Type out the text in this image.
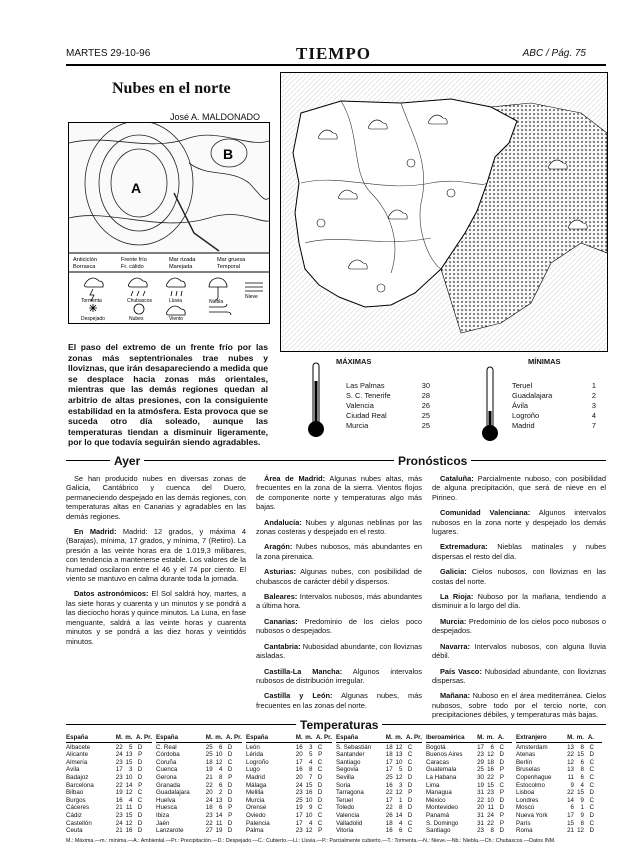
MARTES 29-10-96	TIEMPO	ABC / Pág. 75
Nubes en el norte
José A. MALDONADO
A
B
Anticiclón
Borrasca
Frente frío
Fr. cálido
Mar rizada
Marejada
Mar gruesa
Temporal
Tormenta	Chubascos	Lluvia	Niebla
Nieve
Despejado	Nubes	Viento
El paso del extremo de un frente frío por las zonas más septentrionales trae nubes y lloviznas, que irán desapareciendo a medida que se desplace hacia zonas más orientales, mientras que las demás regiones quedan al arbitrio de altas presiones, con la consiguiente estabilidad en la atmósfera. Esta provoca que se suceda otro día soleado, aunque las temperaturas tiendan a disminuir ligeramente, por lo que todavía seguirán siendo agradables.
MÁXIMAS	MÍNIMAS
Las Palmas	30
S. C. Tenerife	28
Valencia	26
Ciudad Real	25
Murcia	25
Teruel	1
Guadalajara	2
Ávila	3
Logroño	4
Madrid	7
Ayer

Se han producido nubes en diversas zonas de Galicia, Cantábrico y cuenca del Duero, permaneciendo despejado en las demás regiones, con temperaturas altas en Canarias y agradables en las demás regiones.

En Madrid: Madrid: 12 grados, y máxima 4 (Barajas), mínima, 17 grados, y mínima, 7 (Retiro). La presión a las veinte horas era de 1.019,3 milibares, con tendencia a mantenerse estable. Los valores de la humedad oscilaron entre el 46 y el 74 por ciento. El viento se mantuvo en calma durante toda la jornada.

Datos astronómicos: El Sol saldrá hoy, martes, a las siete horas y cuarenta y un minutos y se pondrá a las dieciocho horas y quince minutos. La Luna, en fase menguante, saldrá a las veinte horas y cuarenta minutos y se pondrá a las diez horas y veintidós minutos.

Pronósticos

Área de Madrid: Algunas nubes altas, más frecuentes en la zona de la sierra. Vientos flojos de componente norte y temperaturas algo más bajas.

Andalucía: Nubes y algunas neblinas por las zonas costeras y despejado en el resto.

Aragón: Nubes nubosos, más abundantes en la zona pirenaica.

Asturias: Algunas nubes, con posibilidad de chubascos de carácter débil y dispersos.

Baleares: Intervalos nubosos, más abundantes a última hora.

Canarias: Predominio de los cielos poco nubosos o despejados.

Cantabria: Nubosidad abundante, con lloviznas aisladas.

Castilla-La Mancha: Algunos intervalos nubosos de distribución irregular.

Castilla y León: Algunas nubes, más frecuentes en las zonas del norte.

Cataluña: Parcialmente nuboso, con posibilidad de alguna precipitación, que será de nieve en el Pirineo.

Comunidad Valenciana: Algunos intervalos nubosos en la zona norte y despejado los demás lugares.

Extremadura: Nieblas matinales y nubes dispersas el resto del día.

Galicia: Cielos nubosos, con lloviznas en las costas del norte.

La Rioja: Nuboso por la mañana, tendiendo a disminuir a lo largo del día.

Murcia: Predominio de los cielos poco nubosos o despejados.

Navarra: Intervalos nubosos, con alguna lluvia débil.

País Vasco: Nubosidad abundante, con lloviznas dispersas.

Mañana: Nuboso en el área mediterránea. Cielos nubosos, sobre todo por el tercio norte, con precipitaciones débiles, y temperaturas más bajas.

Temperaturas
España	M. m. A. Pr.
Albacete	22	5 D
Alicante	24 13 P
Almería	23 15 D
Ávila	17	3 D
Badajoz	23 10 D
Barcelona	22 14 P
Bilbao	19 12 C
Burgos	16	4 C
Cáceres	21 11 D
Cádiz	23 15 D
Castellón	24 12 D
Ceuta	21 16 D
España	M. m. A. Pr.
C. Real	25	6 D
Córdoba	25 10 D
Coruña	18 12 C
Cuenca	19	4 D
Gerona	21	8 P
Granada	22	6 D
Guadalajara	20	2 D
Huelva	24 13 D
Huesca	18	6 P
Ibiza	23 14 P
Jaén	22 11 D
Lanzarote	27 19 D
España	M. m. A. Pr.
León	16	3 C
Lérida	20	5 P
Logroño	17	4 C
Lugo	16	8 C
Madrid	20	7 D
Málaga	24 15 D
Melilla	23 16 D
Murcia	25 10 D
Orense	19	9 C
Oviedo	17 10 C
Palencia	17	4 C
Palma	23 12 P
España	M. m. A. Pr.
S. Sebastián	18 12 C
Santander	18 13 C
Santiago	17 10 C
Segovia	17	5 D
Sevilla	25 12 D
Soria	16	3 D
Tarragona	22 12 P
Teruel	17	1 D
Toledo	22	8 D
Valencia	26 14 D
Valladolid	18	4 C
Vitoria	16	6 C
Iberoamérica	M. m. A.
Bogotá	17	6 C
Buenos Aires	23 12 D
Caracas	29 18 D
Guatemala	25 16 P
La Habana	30 22 P
Lima	19 15 C
Managua	31 23 P
México	22 10 D
Montevideo	20 11 D
Panamá	31 24 P
S. Domingo	31 22 P
Santiago	23	8 D
Extranjero	M. m. A.
Amsterdam	13	8 C
Atenas	22 15 D
Berlín	12	6 C
Bruselas	13	8 C
Copenhague	11	6 C
Estocolmo	9	4 C
Lisboa	22 15 D
Londres	14	9 C
Moscú	6	1 C
Nueva York	17	9 D
París	15	8 C
Roma	21 12 D
M.: Máxima.—m.: mínima.—A.: Ambiental.—Pr.: Precipitación.—D.: Despejado.—C.: Cubierto.—Ll.: Lluvia.—P.: Parcialmente cubierto.—T.: Tormenta.—N.: Nieve.—Nb.: Niebla.—Ch.: Chubascos.—Datos INM.
